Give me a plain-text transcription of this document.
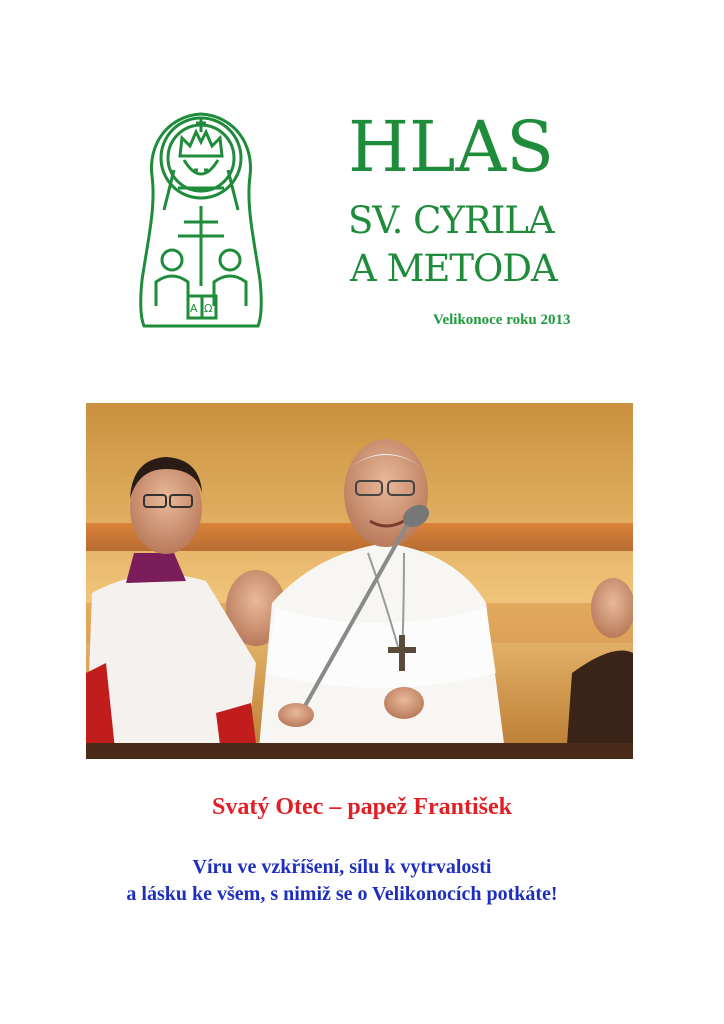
A Ω
HLAS
SV. CYRILA
A METODA
Velikonoce roku 2013
Svatý Otec – papež František
Víru ve vzkříšení, sílu k vytrvalosti
a lásku ke všem, s nimiž se o Velikonocích potkáte!
